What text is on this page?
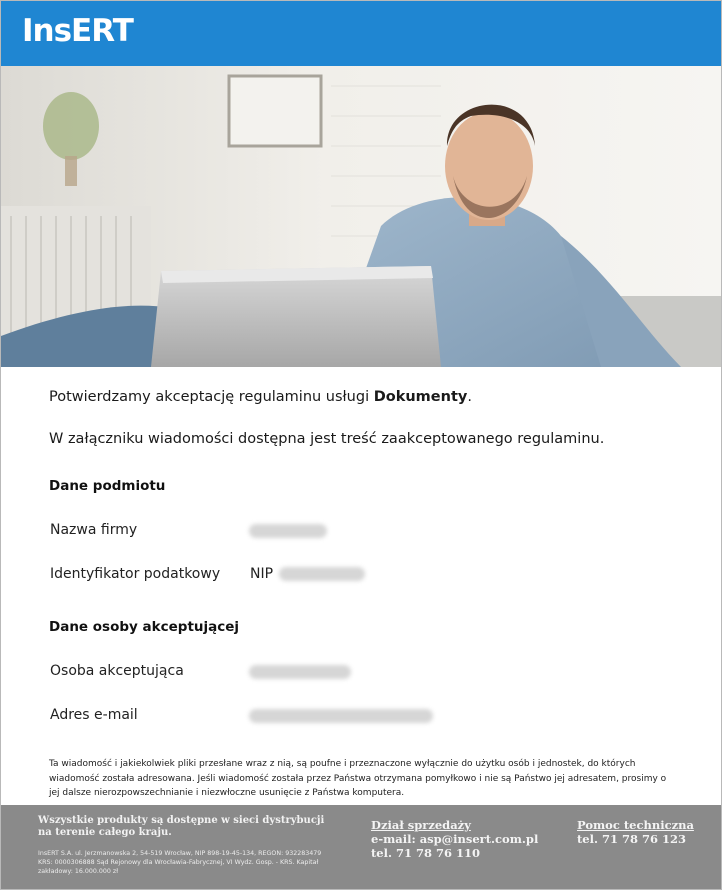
InsERT
Potwierdzamy akceptację regulaminu usługi Dokumenty.
W załączniku wiadomości dostępna jest treść zaakceptowanego regulaminu.
Dane podmiotu
Nazwa firmy
Identyfikator podatkowy NIP
Dane osoby akceptującej
Osoba akceptująca
Adres e-mail
Ta wiadomość i jakiekolwiek pliki przesłane wraz z nią, są poufne i przeznaczone wyłącznie do użytku osób i jednostek, do których wiadomość została adresowana. Jeśli wiadomość została przez Państwa otrzymana pomyłkowo i nie są Państwo jej adresatem, prosimy o jej dalsze nierozpowszechnianie i niezwłoczne usunięcie z Państwa komputera.
Wszystkie produkty są dostępne w sieci dystrybucji na terenie całego kraju.
InsERT S.A. ul. Jerzmanowska 2, 54-519 Wrocław, NIP 898-19-45-134, REGON: 932283479 KRS: 0000306888 Sąd Rejonowy dla Wrocławia-Fabrycznej, VI Wydz. Gosp. - KRS. Kapitał zakładowy: 16.000.000 zł
Dział sprzedaży
e-mail: asp@insert.com.pl
tel. 71 78 76 110
Pomoc techniczna
tel. 71 78 76 123
